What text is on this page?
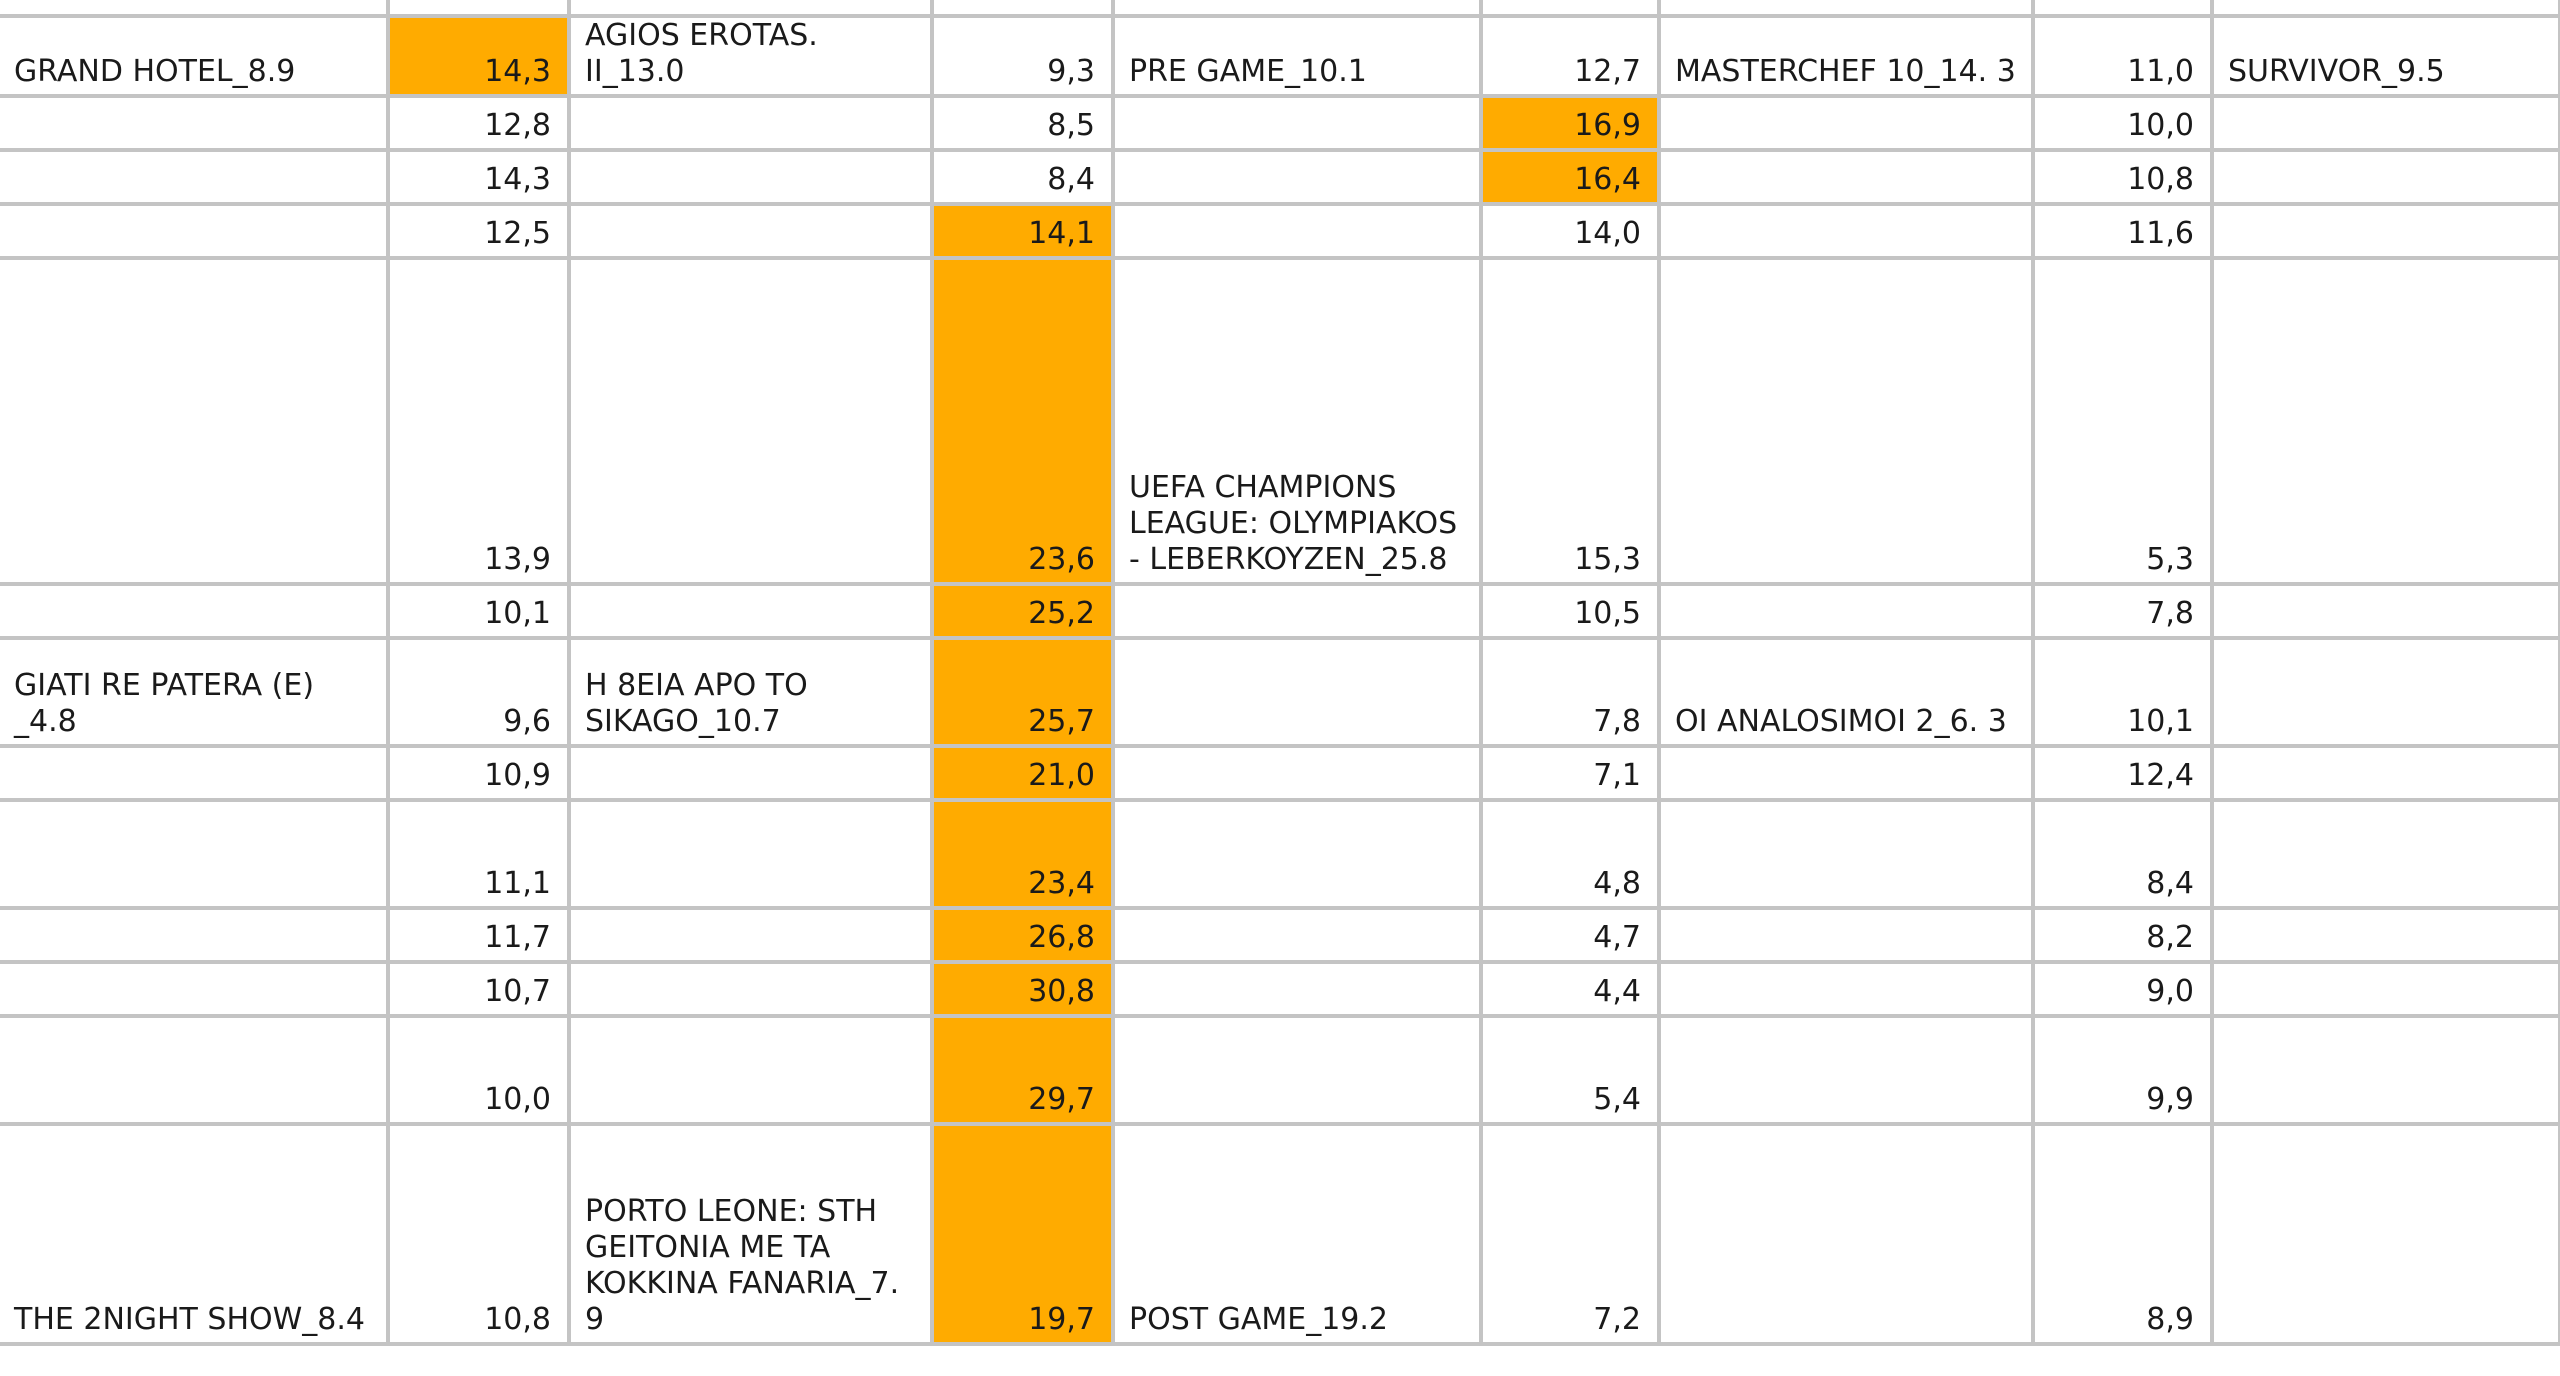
GRAND HOTEL_8.9	14,3	AGIOS EROTAS. II_13.0	9,3	PRE GAME_10.1	12,7	MASTERCHEF 10_14. 3	11,0	SURVIVOR_9.5
	12,8		8,5		16,9		10,0	
	14,3		8,4		16,4		10,8	
	12,5		14,1		14,0		11,6	
	13,9		23,6	UEFA CHAMPIONS LEAGUE: OLYMPIAKOS - LEBERKOYZEN_25.8	15,3		5,3	
	10,1		25,2		10,5		7,8	
GIATI RE PATERA (E) _4.8	9,6	H 8EIA APO TO SIKAGO_10.7	25,7		7,8	OI ANALOSIMOI 2_6. 3	10,1	
	10,9		21,0		7,1		12,4	
	11,1		23,4		4,8		8,4	
	11,7		26,8		4,7		8,2	
	10,7		30,8		4,4		9,0	
	10,0		29,7		5,4		9,9	
THE 2NIGHT SHOW_8.4	10,8	PORTO LEONE: STH GEITONIA ME TA KOKKINA FANARIA_7. 9	19,7	POST GAME_19.2	7,2		8,9	
